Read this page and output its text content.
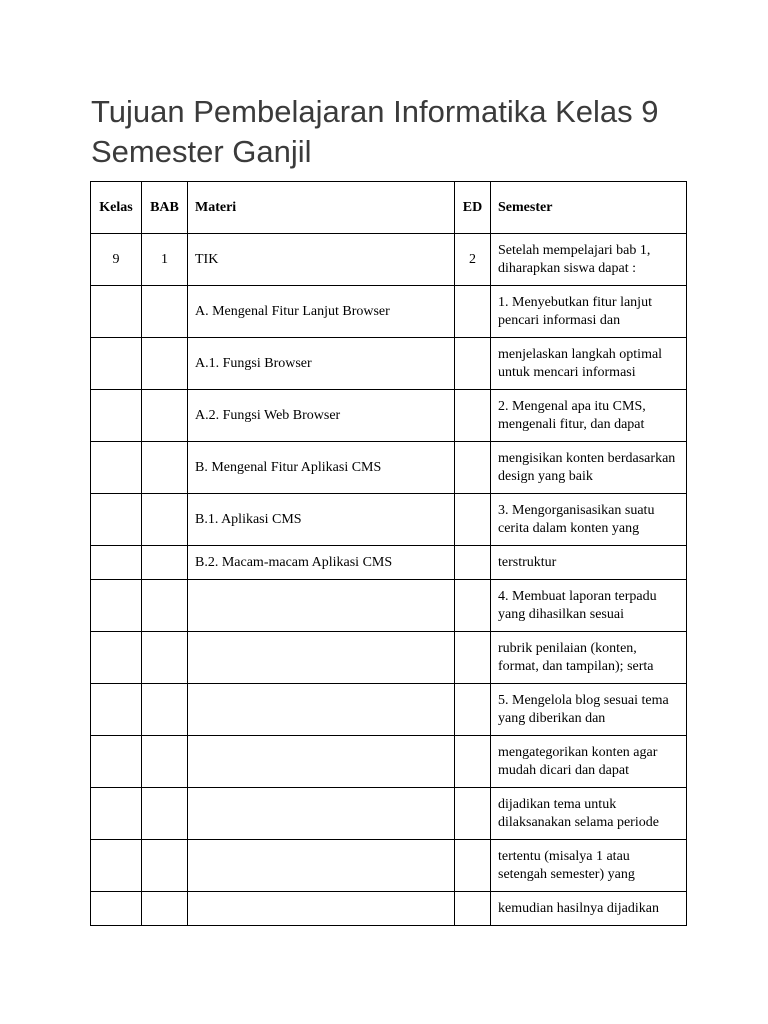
Tujuan Pembelajaran Informatika Kelas 9 Semester Ganjil
Kelas	BAB	Materi	ED	Semester
9	1	TIK	2	Setelah mempelajari bab 1, diharapkan siswa dapat :
		A. Mengenal Fitur Lanjut Browser		1. Menyebutkan fitur lanjut pencari informasi dan
		A.1. Fungsi Browser		menjelaskan langkah optimal untuk mencari informasi
		A.2. Fungsi Web Browser		2. Mengenal apa itu CMS, mengenali fitur, dan dapat
		B. Mengenal Fitur Aplikasi CMS		mengisikan konten berdasarkan design yang baik
		B.1. Aplikasi CMS		3. Mengorganisasikan suatu cerita dalam konten yang
		B.2. Macam-macam Aplikasi CMS		terstruktur
				4. Membuat laporan terpadu yang dihasilkan sesuai
				rubrik penilaian (konten, format, dan tampilan); serta
				5. Mengelola blog sesuai tema yang diberikan dan
				mengategorikan konten agar mudah dicari dan dapat
				dijadikan tema untuk dilaksanakan selama periode
				tertentu (misalya 1 atau setengah semester) yang
				kemudian hasilnya dijadikan
